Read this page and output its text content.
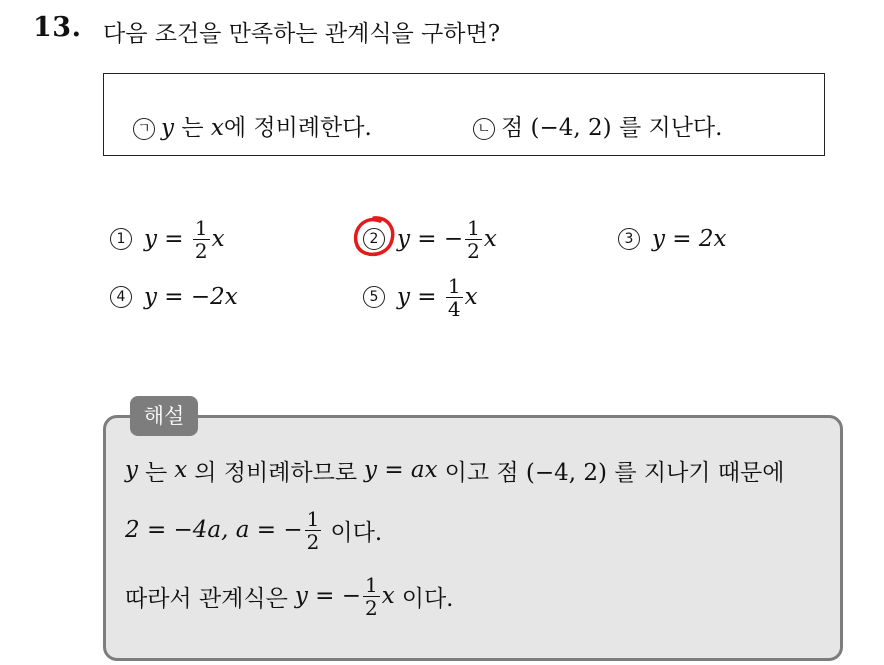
13. 다음 조건을 만족하는 관계식을 구하면?
ㄱ y 는 x에 정비례한다.	ㄴ 점 (−4, 2) 를 지난다.
1 $y = \frac{1}{2}$ x	2 y = − $\frac{1}{2}$ x	3 y = 2x
4 y = −2x	5 $y = \frac{1}{4}$ x
해설
y 는 x 의 정비례하므로 y = ax 이고 점 (−4, 2) 를 지나기 때문에
2 = −4a, a = − $\frac{1}{2}$ 이다.
따라서 관계식은 y = − $\frac{1}{2}$ x 이다.
